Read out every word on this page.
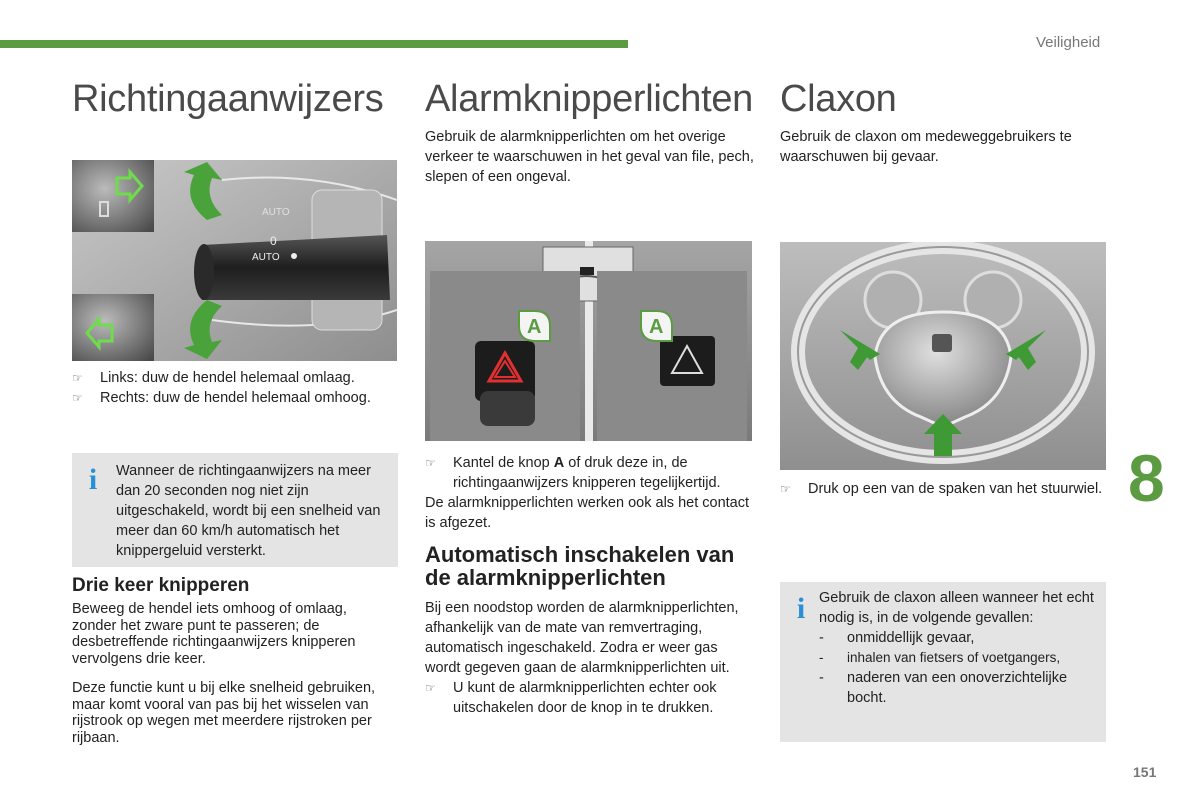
Veiligheid
Richtingaanwijzers Alarmknipperlichten Claxon
0
AUTO
AUTO
☞ Links: duw de hendel helemaal omlaag.
☞ Rechts: duw de hendel helemaal omhoog.
i Wanneer de richtingaanwijzers na meer dan 20 seconden nog niet zijn uitgeschakeld, wordt bij een snelheid van meer dan 60 km/h automatisch het knippergeluid versterkt.
Drie keer knipperen
Beweeg de hendel iets omhoog of omlaag, zonder het zware punt te passeren; de desbetreffende richtingaanwijzers knipperen vervolgens drie keer.
Deze functie kunt u bij elke snelheid gebruiken, maar komt vooral van pas bij het wisselen van rijstrook op wegen met meerdere rijstroken per rijbaan.
Gebruik de alarmknipperlichten om het overige verkeer te waarschuwen in het geval van file, pech, slepen of een ongeval.
A	A
☞ Kantel de knop A of druk deze in, de richtingaanwijzers knipperen tegelijkertijd.
De alarmknipperlichten werken ook als het contact is afgezet.
Automatisch inschakelen van de alarmknipperlichten
Bij een noodstop worden de alarmknipperlichten, afhankelijk van de mate van remvertraging, automatisch ingeschakeld. Zodra er weer gas wordt gegeven gaan de alarmknipperlichten uit.
☞ U kunt de alarmknipperlichten echter ook uitschakelen door de knop in te drukken.
Gebruik de claxon om medeweggebruikers te waarschuwen bij gevaar.
☞ Druk op een van de spaken van het stuurwiel.
i Gebruik de claxon alleen wanneer het echt nodig is, in de volgende gevallen:
- onmiddellijk gevaar,
- inhalen van fietsers of voetgangers,
- naderen van een onoverzichtelijke bocht.
8
151
